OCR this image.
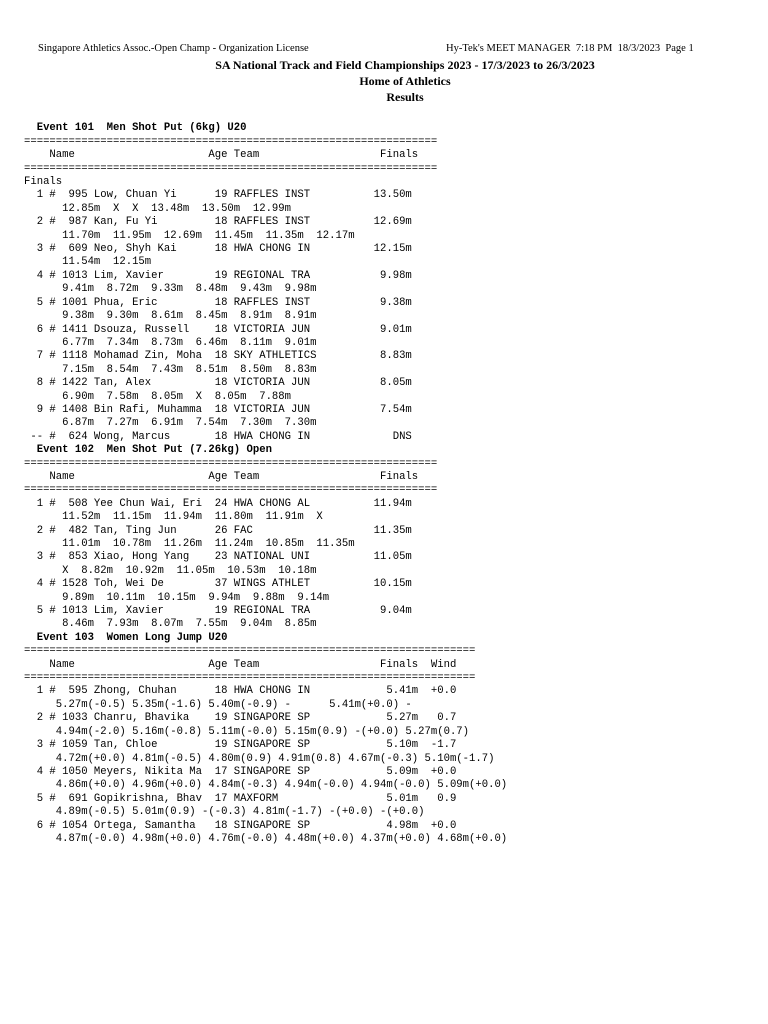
Singapore Athletics Assoc.-Open Champ - Organization License	Hy-Tek's MEET MANAGER  7:18 PM  18/3/2023  Page 1
SA National Track and Field Championships 2023 - 17/3/2023 to 26/3/2023
Home of Athletics
Results

Event 101  Men Shot Put (6kg) U20
=================================================================
Name                     Age Team                   Finals
=================================================================
Finals
1 #  995 Low, Chuan Yi      19 RAFFLES INST          13.50m
12.85m  X  X  13.48m  13.50m  12.99m
2 #  987 Kan, Fu Yi         18 RAFFLES INST          12.69m
11.70m  11.95m  12.69m  11.45m  11.35m  12.17m
3 #  609 Neo, Shyh Kai      18 HWA CHONG IN          12.15m
11.54m  12.15m
4 # 1013 Lim, Xavier        19 REGIONAL TRA           9.98m
9.41m  8.72m  9.33m  8.48m  9.43m  9.98m
5 # 1001 Phua, Eric         18 RAFFLES INST           9.38m
9.38m  9.30m  8.61m  8.45m  8.91m  8.91m
6 # 1411 Dsouza, Russell    18 VICTORIA JUN           9.01m
6.77m  7.34m  8.73m  6.46m  8.11m  9.01m
7 # 1118 Mohamad Zin, Moha  18 SKY ATHLETICS          8.83m
7.15m  8.54m  7.43m  8.51m  8.50m  8.83m
8 # 1422 Tan, Alex          18 VICTORIA JUN           8.05m
6.90m  7.58m  8.05m  X  8.05m  7.88m
9 # 1408 Bin Rafi, Muhamma  18 VICTORIA JUN           7.54m
6.87m  7.27m  6.91m  7.54m  7.30m  7.30m
-- #  624 Wong, Marcus       18 HWA CHONG IN             DNS
Event 102  Men Shot Put (7.26kg) Open
=================================================================
Name                     Age Team                   Finals
=================================================================
1 #  508 Yee Chun Wai, Eri  24 HWA CHONG AL          11.94m
11.52m  11.15m  11.94m  11.80m  11.91m  X
2 #  482 Tan, Ting Jun      26 FAC                   11.35m
11.01m  10.78m  11.26m  11.24m  10.85m  11.35m
3 #  853 Xiao, Hong Yang    23 NATIONAL UNI          11.05m
X  8.82m  10.92m  11.05m  10.53m  10.18m
4 # 1528 Toh, Wei De        37 WINGS ATHLET          10.15m
9.89m  10.11m  10.15m  9.94m  9.88m  9.14m
5 # 1013 Lim, Xavier        19 REGIONAL TRA           9.04m
8.46m  7.93m  8.07m  7.55m  9.04m  8.85m
Event 103  Women Long Jump U20
=======================================================================
Name                     Age Team                   Finals  Wind
=======================================================================
1 #  595 Zhong, Chuhan      18 HWA CHONG IN            5.41m  +0.0
5.27m(-0.5) 5.35m(-1.6) 5.40m(-0.9) -      5.41m(+0.0) -
2 # 1033 Chanru, Bhavika    19 SINGAPORE SP            5.27m   0.7
4.94m(-2.0) 5.16m(-0.8) 5.11m(-0.0) 5.15m(0.9) -(+0.0) 5.27m(0.7)
3 # 1059 Tan, Chloe         19 SINGAPORE SP            5.10m  -1.7
4.72m(+0.0) 4.81m(-0.5) 4.80m(0.9) 4.91m(0.8) 4.67m(-0.3) 5.10m(-1.7)
4 # 1050 Meyers, Nikita Ma  17 SINGAPORE SP            5.09m  +0.0
4.86m(+0.0) 4.96m(+0.0) 4.84m(-0.3) 4.94m(-0.0) 4.94m(-0.0) 5.09m(+0.0)
5 #  691 Gopikrishna, Bhav  17 MAXFORM                 5.01m   0.9
4.89m(-0.5) 5.01m(0.9) -(-0.3) 4.81m(-1.7) -(+0.0) -(+0.0)
6 # 1054 Ortega, Samantha   18 SINGAPORE SP            4.98m  +0.0
4.87m(-0.0) 4.98m(+0.0) 4.76m(-0.0) 4.48m(+0.0) 4.37m(+0.0) 4.68m(+0.0)
